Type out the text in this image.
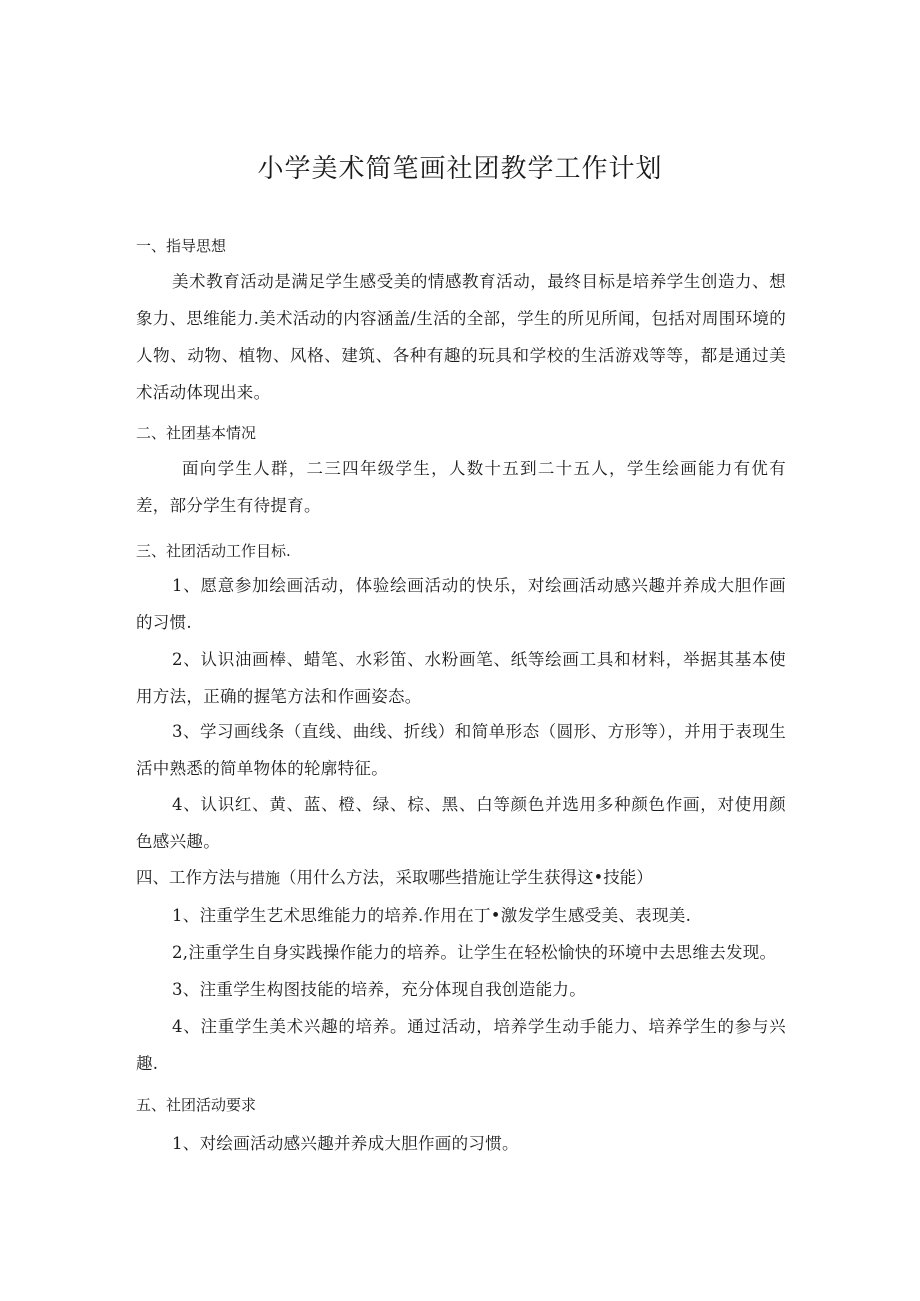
小学美术简笔画社团教学工作计划
一、指导思想

美术教育活动是满足学生感受美的情感教育活动，最终目标是培养学生创造力、想象力、思维能力.美术活动的内容涵盖/生活的全部，学生的所见所闻，包括对周围环境的人物、动物、植物、风格、建筑、各种有趣的玩具和学校的生活游戏等等，都是通过美术活动体现出来。

二、社团基本情况

面向学生人群，二三四年级学生，人数十五到二十五人，学生绘画能力有优有差，部分学生有待提育。

三、社团活动工作目标.

1、愿意参加绘画活动，体验绘画活动的快乐，对绘画活动感兴趣并养成大胆作画的习惯.

2、认识油画棒、蜡笔、水彩笛、水粉画笔、纸等绘画工具和材料，举据其基本使用方法，正确的握笔方法和作画姿态。

3、学习画线条（直线、曲线、折线）和简单形态（圆形、方形等），并用于表现生活中熟悉的简单物体的轮廓特征。

4、认识红、黄、蓝、橙、绿、棕、黑、白等颜色并选用多种颜色作画，对使用颜色感兴趣。

四、工作方法与措施（用什么方法，采取哪些措施让学生获得这•技能）

1、注重学生艺术思维能力的培养.作用在丁•激发学生感受美、表现美.

2,注重学生自身实践操作能力的培养。让学生在轻松愉快的环境中去思维去发现。

3、注重学生构图技能的培养，充分体现自我创造能力。

4、注重学生美术兴趣的培养。通过活动，培养学生动手能力、培养学生的参与兴趣.

五、社团活动要求

1、对绘画活动感兴趣并养成大胆作画的习惯。
